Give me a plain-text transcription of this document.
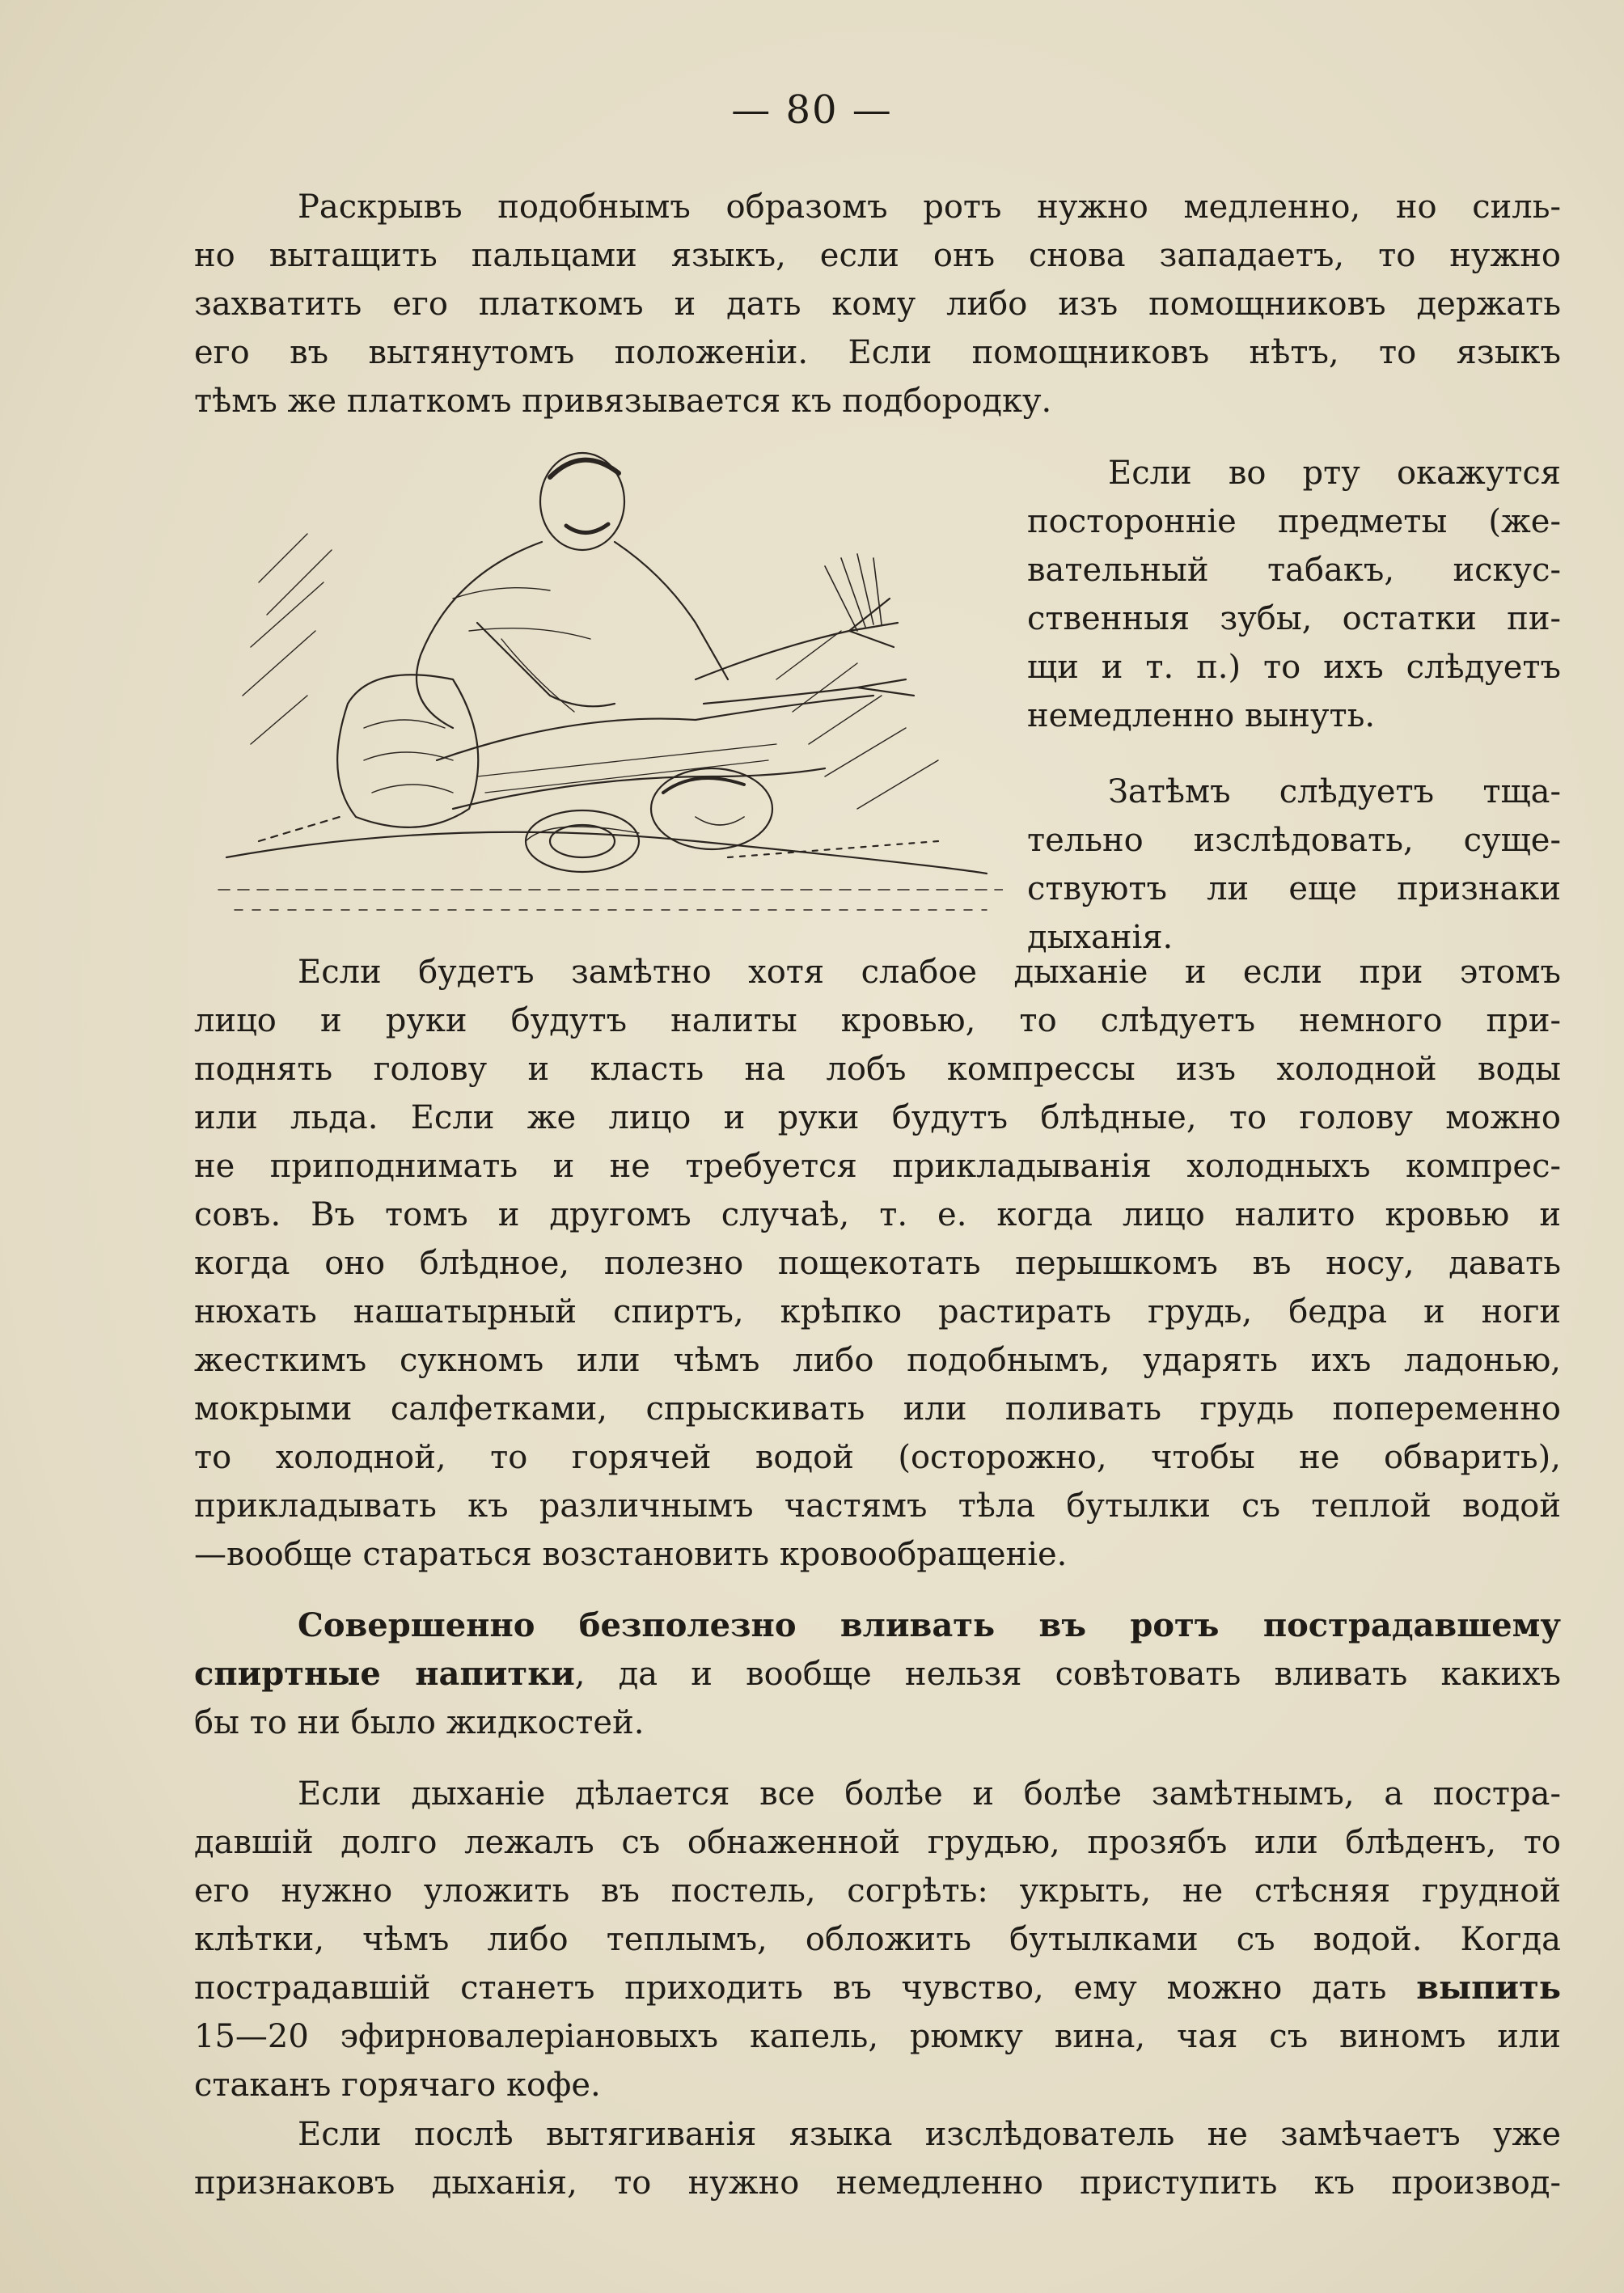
— 80 —
Раскрывъ подобнымъ образомъ ротъ нужно медленно, но силь-
но вытащить пальцами языкъ, если онъ снова западаетъ, то нужно
захватить его платкомъ и дать кому либо изъ помощниковъ держать
его въ вытянутомъ положеніи. Если помощниковъ нѣтъ, то языкъ
тѣмъ же платкомъ привязывается къ подбородку.
Если во рту окажутся
посторонніе предметы (же-
вательный табакъ, искус-
ственныя зубы, остатки пи-
щи и т. п.) то ихъ слѣдуетъ
немедленно вынуть.
Затѣмъ слѣдуетъ тща-
тельно изслѣдовать, суще-
ствуютъ ли еще признаки
дыханія.
Если будетъ замѣтно хотя слабое дыханіе и если при этомъ
лицо и руки будутъ налиты кровью, то слѣдуетъ немного при-
поднять голову и класть на лобъ компрессы изъ холодной воды
или льда. Если же лицо и руки будутъ блѣдные, то голову можно
не приподнимать и не требуется прикладыванія холодныхъ компрес-
совъ. Въ томъ и другомъ случаѣ, т. е. когда лицо налито кровью и
когда оно блѣдное, полезно пощекотать перышкомъ въ носу, давать
нюхать нашатырный спиртъ, крѣпко растирать грудь, бедра и ноги
жесткимъ сукномъ или чѣмъ либо подобнымъ, ударять ихъ ладонью,
мокрыми салфетками, спрыскивать или поливать грудь попеременно
то холодной, то горячей водой (осторожно, чтобы не обварить),
прикладывать къ различнымъ частямъ тѣла бутылки съ теплой водой
—вообще стараться возстановить кровообращеніе.
Совершенно безполезно вливать въ ротъ пострадавшему
спиртные напитки, да и вообще нельзя совѣтовать вливать какихъ
бы то ни было жидкостей.
Если дыханіе дѣлается все болѣе и болѣе замѣтнымъ, а постра-
давшій долго лежалъ съ обнаженной грудью, прозябъ или блѣденъ, то
его нужно уложить въ постель, согрѣть: укрыть, не стѣсняя грудной
клѣтки, чѣмъ либо теплымъ, обложить бутылками съ водой. Когда
пострадавшій станетъ приходить въ чувство, ему можно дать выпить
15—20 эфирновалеріановыхъ капель, рюмку вина, чая съ виномъ или
стаканъ горячаго кофе.
Если послѣ вытягиванія языка изслѣдователь не замѣчаетъ уже
признаковъ дыханія, то нужно немедленно приступить къ производ-
